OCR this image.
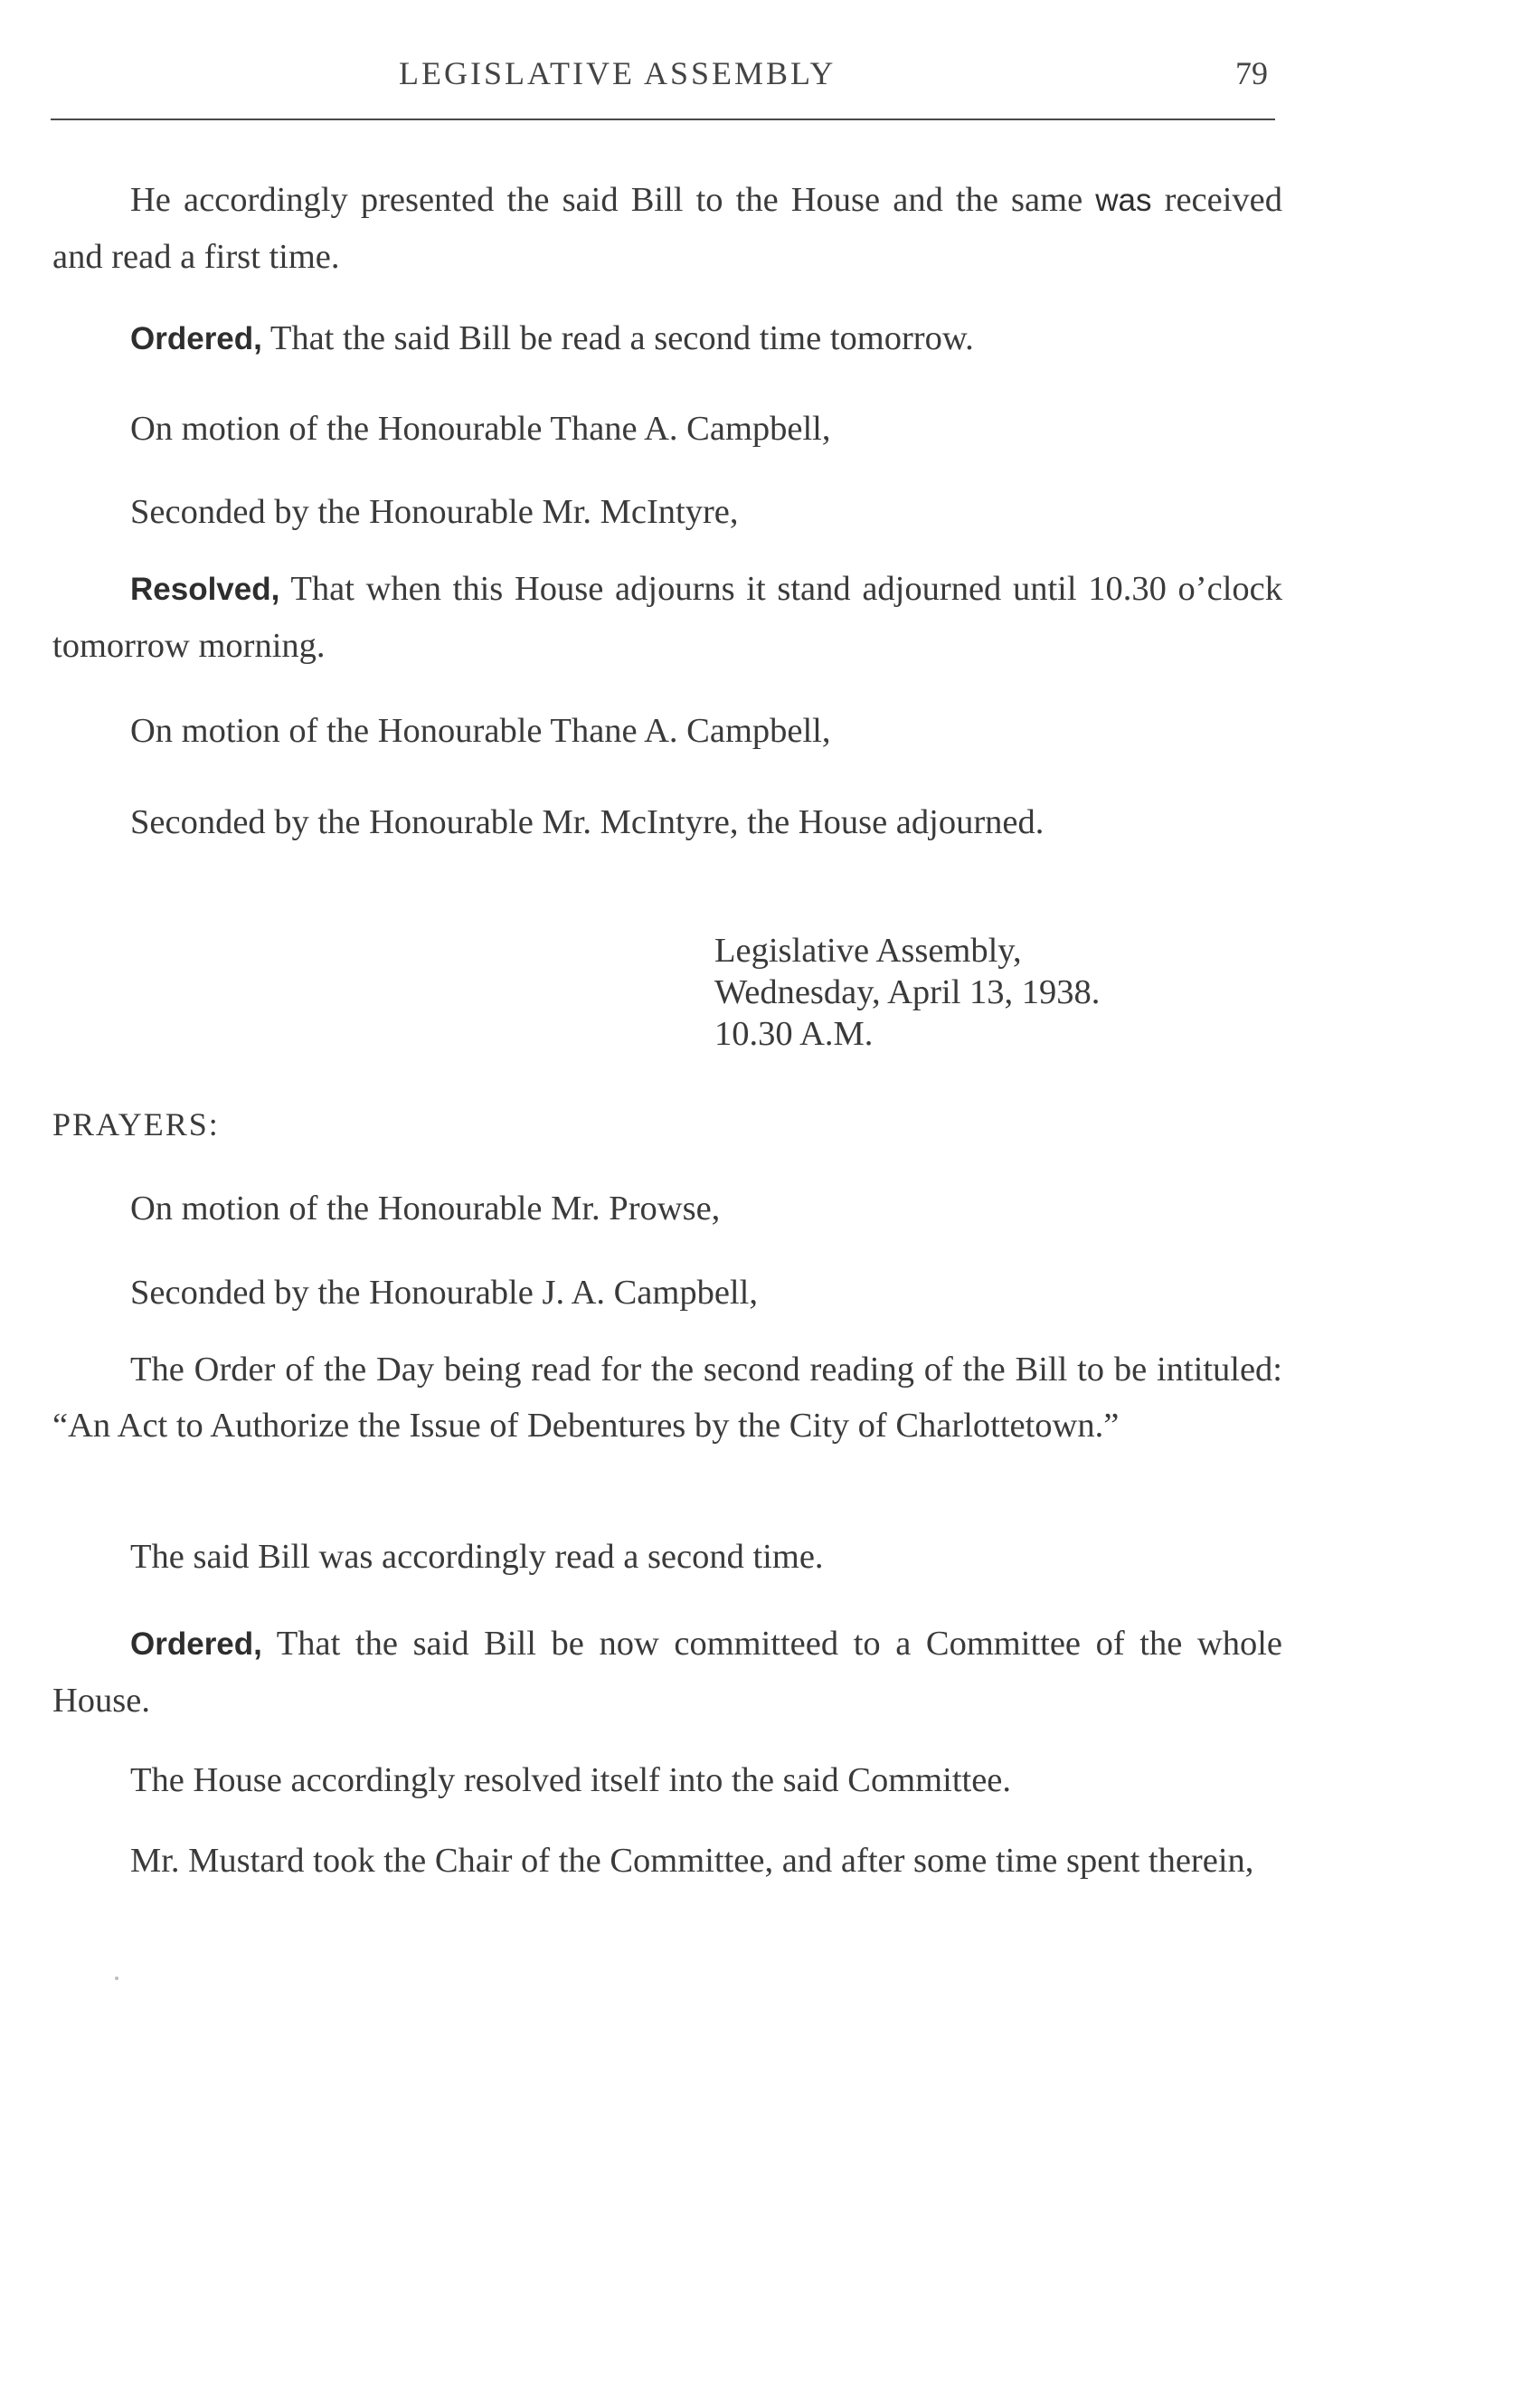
LEGISLATIVE ASSEMBLY	79

He accordingly presented the said Bill to the House and the same was received and read a first time.

Ordered, That the said Bill be read a second time tomorrow.

On motion of the Honourable Thane A. Campbell,

Seconded by the Honourable Mr. McIntyre,

Resolved, That when this House adjourns it stand adjourned until 10.30 o’clock tomorrow morning.

On motion of the Honourable Thane A. Campbell,

Seconded by the Honourable Mr. McIntyre, the House adjourned.

Legislative Assembly,
Wednesday, April 13, 1938.
10.30 A.M.
PRAYERS:

On motion of the Honourable Mr. Prowse,

Seconded by the Honourable J. A. Campbell,

The Order of the Day being read for the second reading of the Bill to be intituled: “An Act to Authorize the Issue of Debentures by the City of Charlottetown.”

The said Bill was accordingly read a second time.

Ordered, That the said Bill be now committeed to a Committee of the whole House.

The House accordingly resolved itself into the said Committee.

Mr. Mustard took the Chair of the Committee, and after some time spent therein,
